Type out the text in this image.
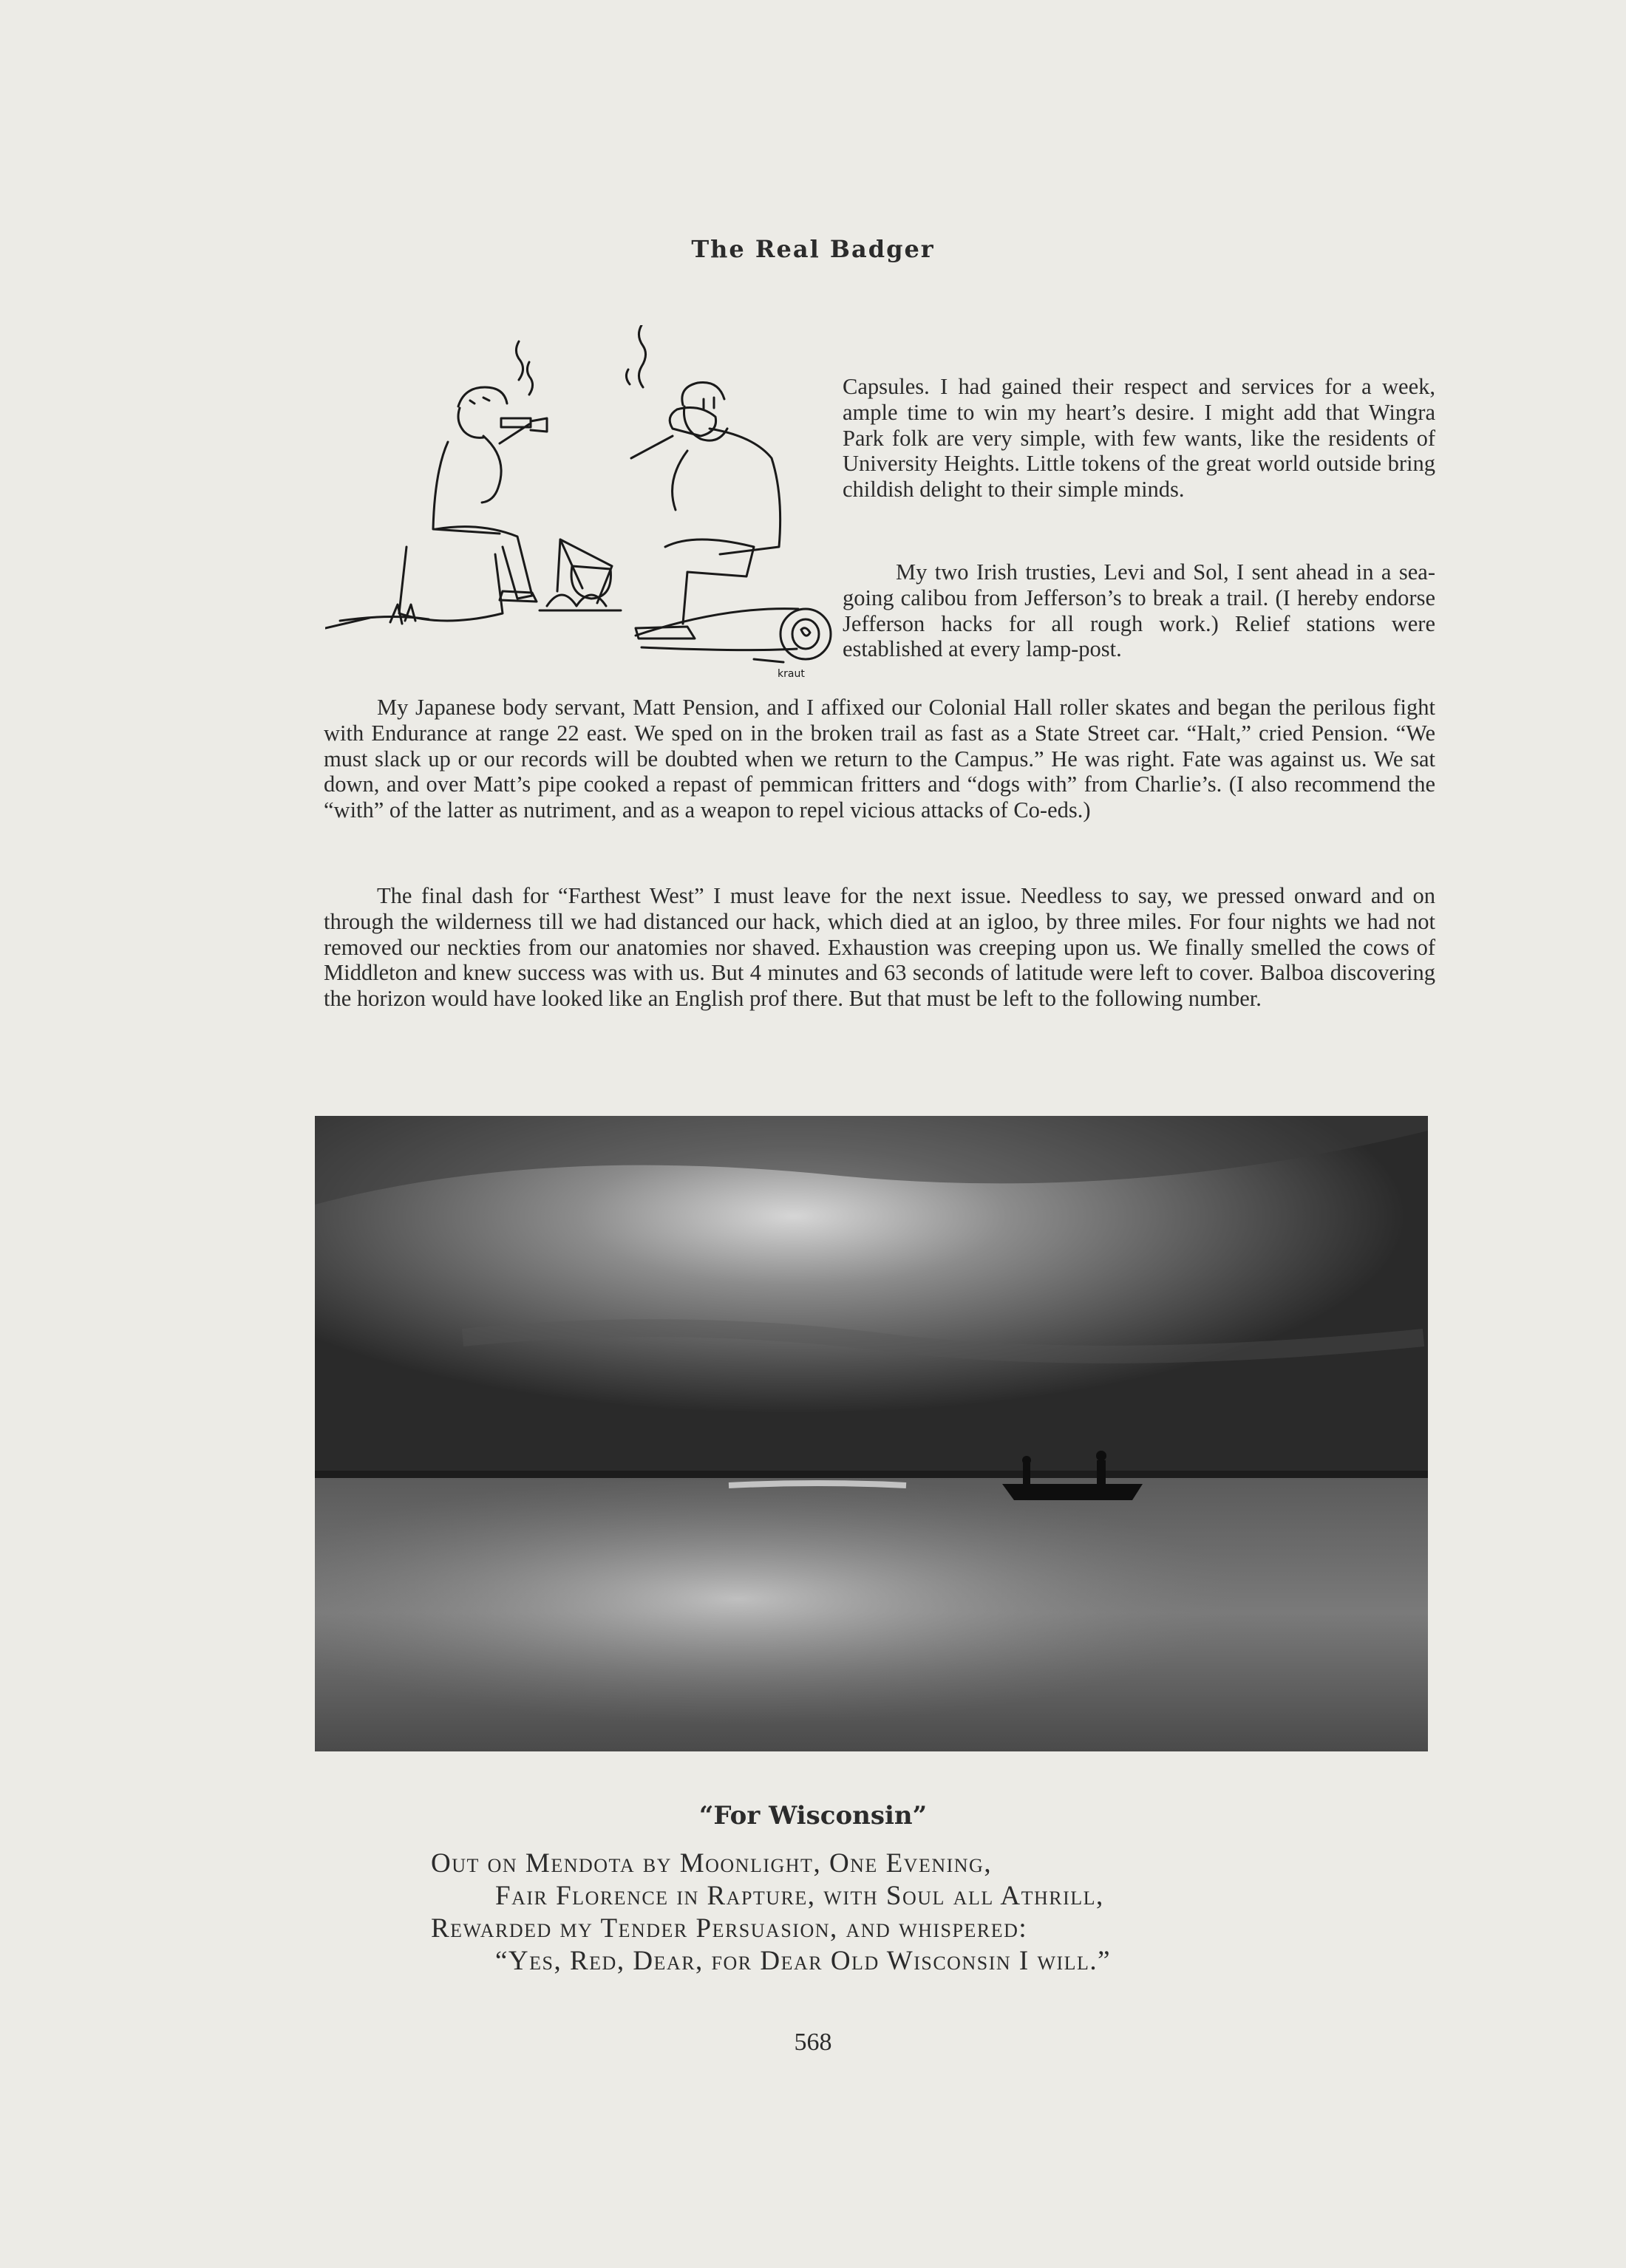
The Real Badger
kraut

Capsules. I had gained their respect and services for a week, ample time to win my heart’s desire. I might add that Wingra Park folk are very simple, with few wants, like the residents of University Heights. Little tokens of the great world outside bring childish delight to their simple minds.

My two Irish trusties, Levi and Sol, I sent ahead in a sea-going calibou from Jefferson’s to break a trail. (I hereby endorse Jefferson hacks for all rough work.) Relief stations were established at every lamp-post.

My Japanese body servant, Matt Pension, and I affixed our Colonial Hall roller skates and began the perilous fight with Endurance at range 22 east. We sped on in the broken trail as fast as a State Street car. “Halt,” cried Pension. “We must slack up or our records will be doubted when we return to the Campus.” He was right. Fate was against us. We sat down, and over Matt’s pipe cooked a repast of pemmican fritters and “dogs with” from Charlie’s. (I also recommend the “with” of the latter as nutriment, and as a weapon to repel vicious attacks of Co-eds.)

The final dash for “Farthest West” I must leave for the next issue. Needless to say, we pressed onward and on through the wilderness till we had distanced our hack, which died at an igloo, by three miles. For four nights we had not removed our neckties from our anatomies nor shaved. Exhaustion was creeping upon us. We finally smelled the cows of Middleton and knew success was with us. But 4 minutes and 63 seconds of latitude were left to cover. Balboa discovering the horizon would have looked like an English prof there. But that must be left to the following number.

“For Wisconsin”
Out on Mendota by Moonlight, One Evening,
Fair Florence in Rapture, with Soul all Athrill,
Rewarded my Tender Persuasion, and whispered:
“Yes, Red, Dear, for Dear Old Wisconsin I will.”
568
